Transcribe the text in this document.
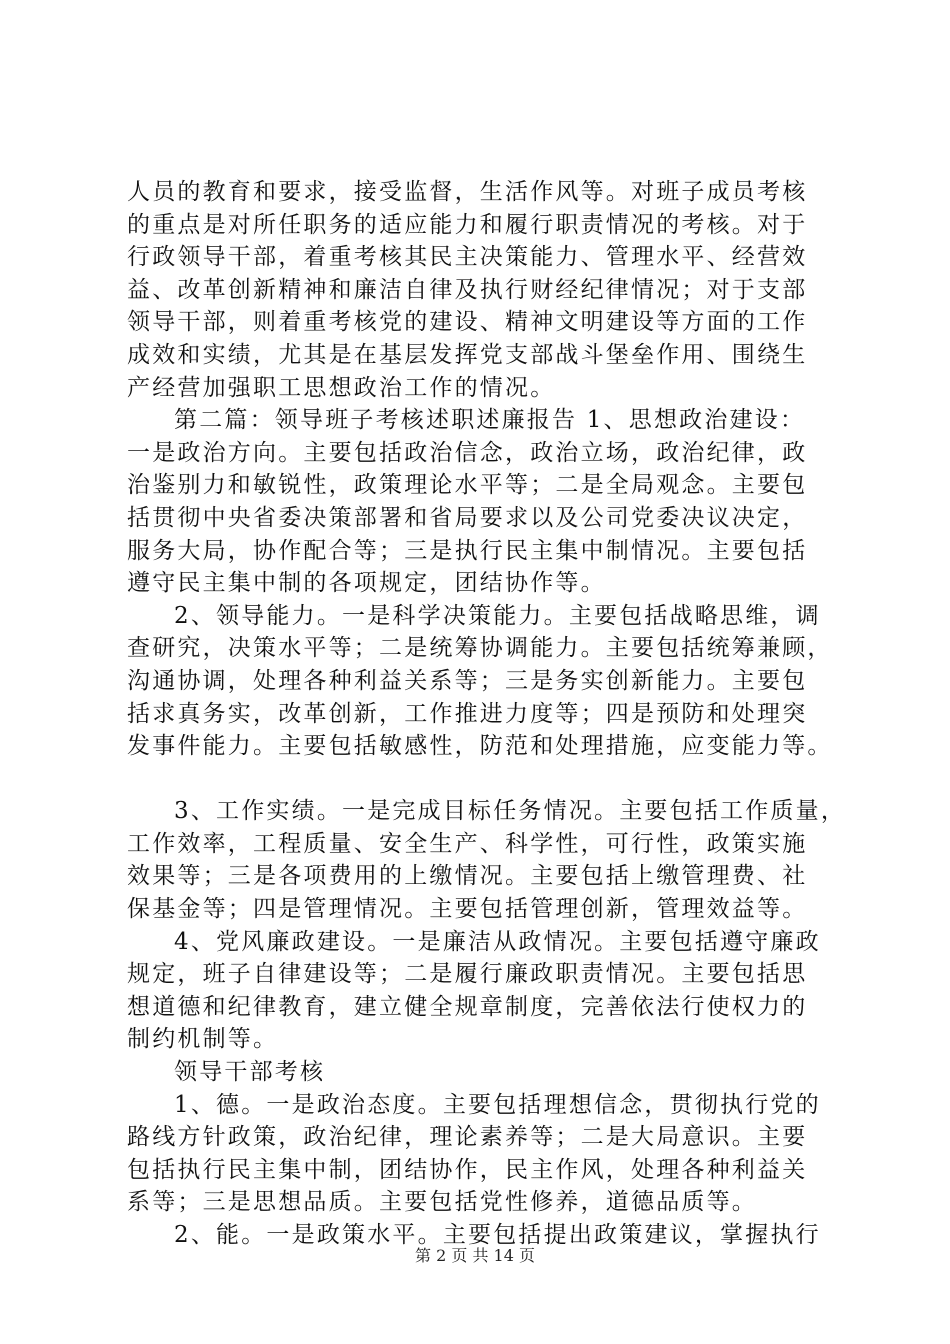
人员的教育和要求，接受监督，生活作风等。对班子成员考核
的重点是对所任职务的适应能力和履行职责情况的考核。对于
行政领导干部，着重考核其民主决策能力、管理水平、经营效
益、改革创新精神和廉洁自律及执行财经纪律情况；对于支部
领导干部，则着重考核党的建设、精神文明建设等方面的工作
成效和实绩，尤其是在基层发挥党支部战斗堡垒作用、围绕生
产经营加强职工思想政治工作的情况。
第二篇：领导班子考核述职述廉报告 1、思想政治建设：
一是政治方向。主要包括政治信念，政治立场，政治纪律，政
治鉴别力和敏锐性，政策理论水平等；二是全局观念。主要包
括贯彻中央省委决策部署和省局要求以及公司党委决议决定，
服务大局，协作配合等；三是执行民主集中制情况。主要包括
遵守民主集中制的各项规定，团结协作等。
2、领导能力。一是科学决策能力。主要包括战略思维，调
查研究，决策水平等；二是统筹协调能力。主要包括统筹兼顾，
沟通协调，处理各种利益关系等；三是务实创新能力。主要包
括求真务实，改革创新，工作推进力度等；四是预防和处理突
发事件能力。主要包括敏感性，防范和处理措施，应变能力等。
3、工作实绩。一是完成目标任务情况。主要包括工作质量，
工作效率，工程质量、安全生产、科学性，可行性，政策实施
效果等；三是各项费用的上缴情况。主要包括上缴管理费、社
保基金等；四是管理情况。主要包括管理创新，管理效益等。
4、党风廉政建设。一是廉洁从政情况。主要包括遵守廉政
规定，班子自律建设等；二是履行廉政职责情况。主要包括思
想道德和纪律教育，建立健全规章制度，完善依法行使权力的
制约机制等。
领导干部考核
1、德。一是政治态度。主要包括理想信念，贯彻执行党的
路线方针政策，政治纪律，理论素养等；二是大局意识。主要
包括执行民主集中制，团结协作，民主作风，处理各种利益关
系等；三是思想品质。主要包括党性修养，道德品质等。
2、能。一是政策水平。主要包括提出政策建议，掌握执行
第 2 页 共 14 页
